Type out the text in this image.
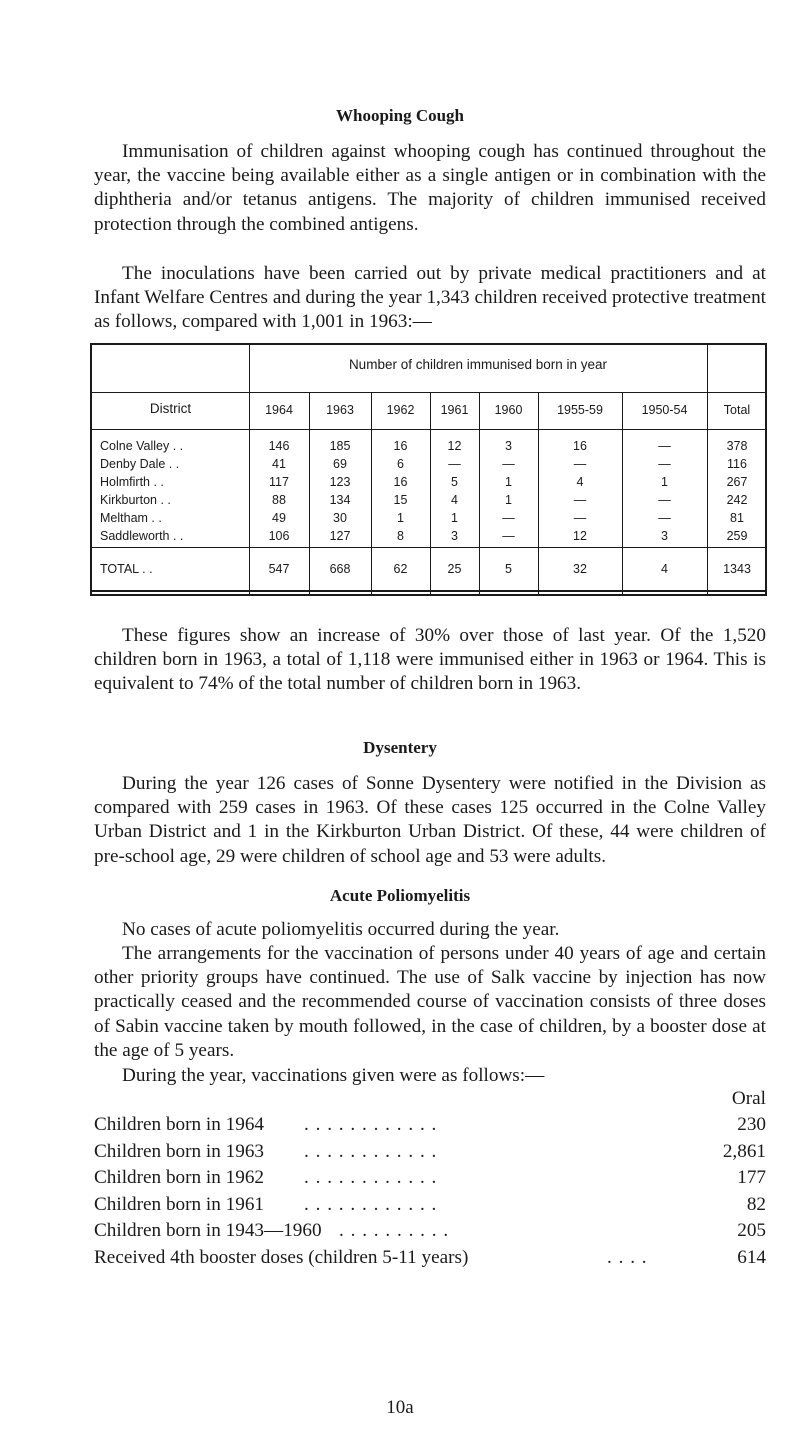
Whooping Cough

Immunisation of children against whooping cough has continued throughout the year, the vaccine being available either as a single antigen or in combination with the diphtheria and/or tetanus antigens. The majority of children immunised received protection through the combined antigens.

The inoculations have been carried out by private medical practitioners and at Infant Welfare Centres and during the year 1,343 children received protective treatment as follows, compared with 1,001 in 1963:—

Number of children immunised born in year
District	1964	1963	1962	1961	1960	1955-59	1950-54	Total
Colne Valley . .	146	185	16	12	3	16	—	378
Denby Dale . .	41	69	6	—	—	—	—	116
Holmfirth . .	117	123	16	5	1	4	1	267
Kirkburton . .	88	134	15	4	1	—	—	242
Meltham . .	49	30	1	1	—	—	—	81
Saddleworth . .	106	127	8	3	—	12	3	259
TOTAL . .	547	668	62	25	5	32	4	1343

These figures show an increase of 30% over those of last year. Of the 1,520 children born in 1963, a total of 1,118 were immunised either in 1963 or 1964. This is equivalent to 74% of the total number of children born in 1963.

Dysentery

During the year 126 cases of Sonne Dysentery were notified in the Division as compared with 259 cases in 1963. Of these cases 125 occurred in the Colne Valley Urban District and 1 in the Kirkburton Urban District. Of these, 44 were children of pre-school age, 29 were children of school age and 53 were adults.

Acute Poliomyelitis

No cases of acute poliomyelitis occurred during the year.

The arrangements for the vaccination of persons under 40 years of age and certain other priority groups have continued. The use of Salk vaccine by injection has now practically ceased and the recommended course of vaccination consists of three doses of Sabin vaccine taken by mouth followed, in the case of children, by a booster dose at the age of 5 years.

During the year, vaccinations given were as follows:—

Oral
Children born in 1964 . . . . . . . . . . . .	230
Children born in 1963 . . . . . . . . . . . .	2,861
Children born in 1962 . . . . . . . . . . . .	177
Children born in 1961 . . . . . . . . . . . .	82
Children born in 1943—1960 . . . . . . . . . .	205
Received 4th booster doses (children 5-11 years)	. . . .	614
10a
